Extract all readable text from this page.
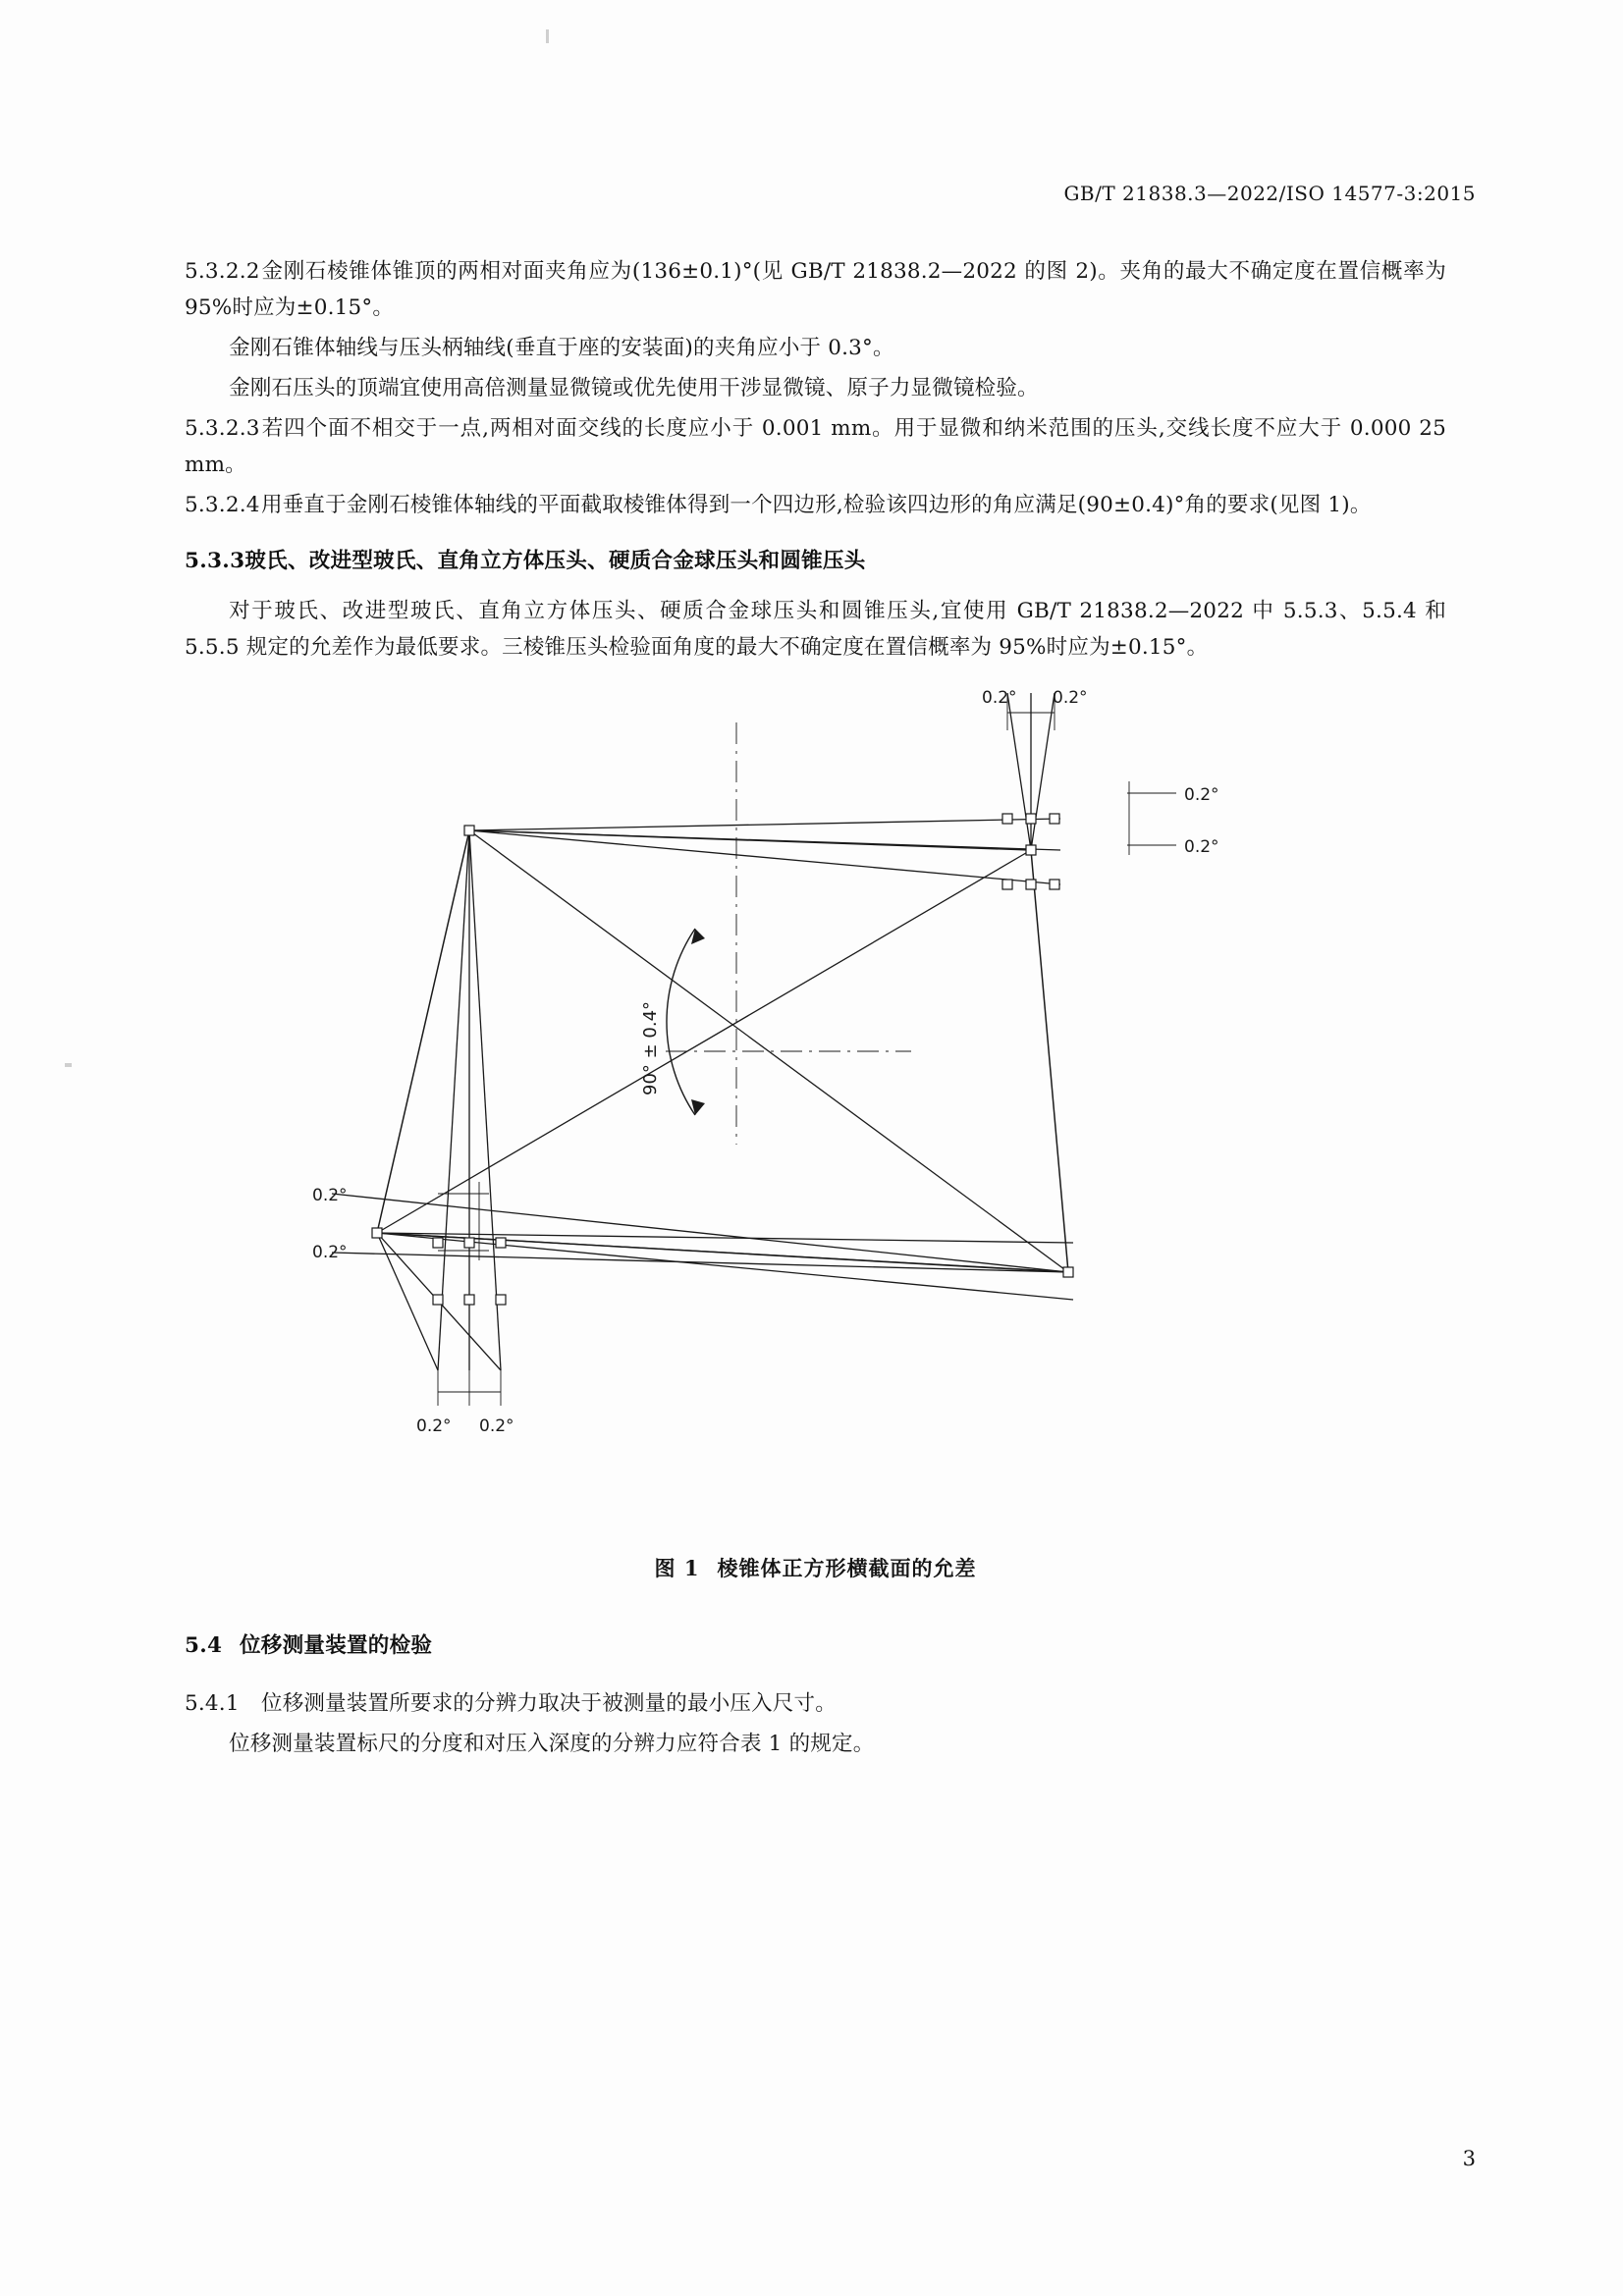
GB/T 21838.3—2022/ISO 14577-3:2015

5.3.2.2金刚石棱锥体锥顶的两相对面夹角应为(136±0.1)°(见 GB/T 21838.2—2022 的图 2)。夹角的最大不确定度在置信概率为 95%时应为±0.15°。

金刚石锥体轴线与压头柄轴线(垂直于座的安装面)的夹角应小于 0.3°。

金刚石压头的顶端宜使用高倍测量显微镜或优先使用干涉显微镜、原子力显微镜检验。

5.3.2.3若四个面不相交于一点,两相对面交线的长度应小于 0.001 mm。用于显微和纳米范围的压头,交线长度不应大于 0.000 25 mm。

5.3.2.4用垂直于金刚石棱锥体轴线的平面截取棱锥体得到一个四边形,检验该四边形的角应满足(90±0.4)°角的要求(见图 1)。

5.3.3玻氏、改进型玻氏、直角立方体压头、硬质合金球压头和圆锥压头

对于玻氏、改进型玻氏、直角立方体压头、硬质合金球压头和圆锥压头,宜使用 GB/T 21838.2—2022 中 5.5.3、5.5.4 和 5.5.5 规定的允差作为最低要求。三棱锥压头检验面角度的最大不确定度在置信概率为 95%时应为±0.15°。

0.2° 0.2°
0.2°
0.2°
0.2°
0.2°
0.2° 0.2°
90° ± 0.4°
图 1 棱锥体正方形横截面的允差
5.4 位移测量装置的检验

5.4.1 位移测量装置所要求的分辨力取决于被测量的最小压入尺寸。

位移测量装置标尺的分度和对压入深度的分辨力应符合表 1 的规定。

3
